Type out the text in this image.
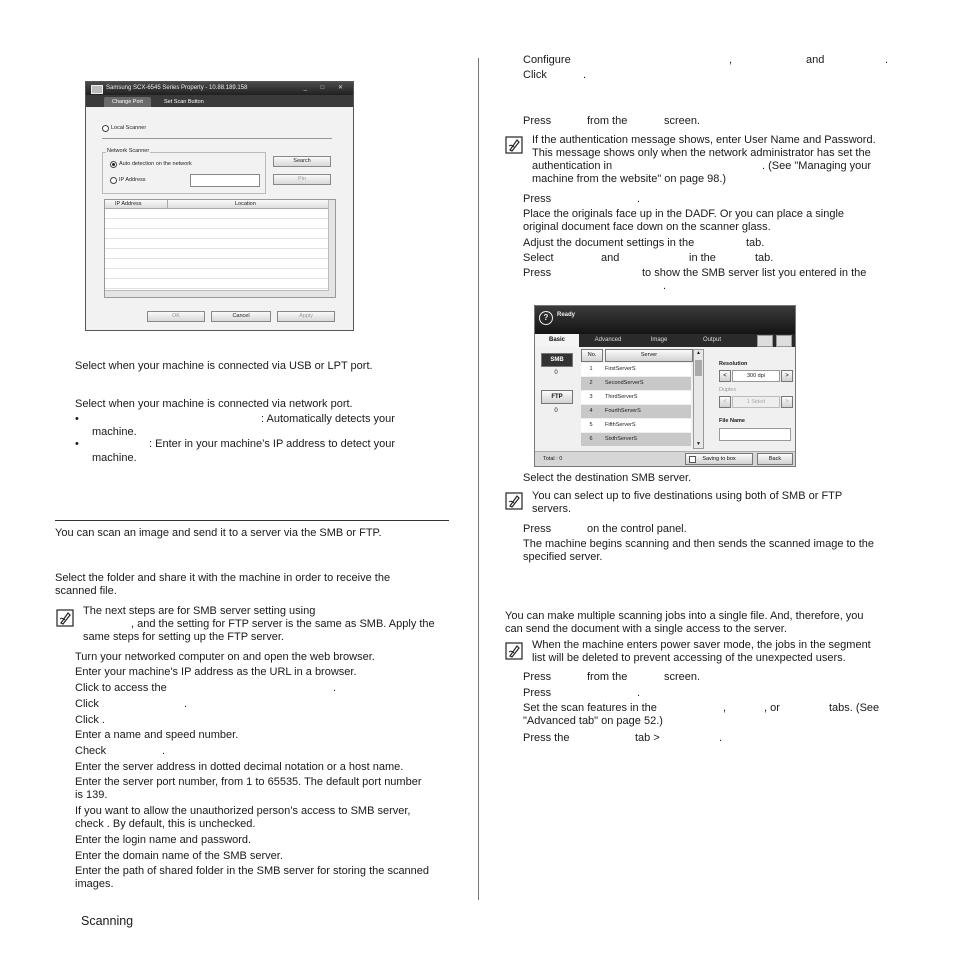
Samsung SCX-6545 Series Property - 10.88.189.158	_ □ ✕
Change Port	Set Scan Button
Local Scanner
Network Scanner
Auto detection on the network
IP Address
Search
Pin
IP Address	Location
OK	Cancel	Apply
Select when your machine is connected via USB or LPT port.
Select when your machine is connected via network port.
•	: Automatically detects your
machine.
•	: Enter in your machine’s IP address to detect your
machine.
You can scan an image and send it to a server via the SMB or FTP.
Select the folder and share it with the machine in order to receive the
scanned file.
The next steps are for SMB server setting using
, and the setting for FTP server is the same as SMB. Apply the
same steps for setting up the FTP server.
Turn your networked computer on and open the web browser.
Enter your machine's IP address as the URL in a browser.
Click to access the	.
Click	.
Click .
Enter a name and speed number.
Check	.
Enter the server address in dotted decimal notation or a host name.
Enter the server port number, from 1 to 65535. The default port number
is 139.
If you want to allow the unauthorized person’s access to SMB server,
check . By default, this is unchecked.
Enter the login name and password.
Enter the domain name of the SMB server.
Enter the path of shared folder in the SMB server for storing the scanned
images.
Scanning
Configure	,	and	.
Click	.
Press	from the	screen.
If the authentication message shows, enter User Name and Password.
This message shows only when the network administrator has set the
authentication in	. (See "Managing your
machine from the website" on page 98.)
Press	.
Place the originals face up in the DADF. Or you can place a single
original document face down on the scanner glass.
Adjust the document settings in the	tab.
Select	and	in the	tab.
Press	to show the SMB server list you entered in the
.
?	Ready
Basic	Advanced	Image	Output
SMB
0
FTP
0
No.	Server
1	FirstServerS
2	SecondServerS
3	ThirdServerS
4	FourthServerS
5	FifthServerS
6	SixthServerS
▲
▼
Resolution
<	300 dpi	>
Duplex
<	1 Sided	>
File Name
Total : 0	Saving to box	Back
Select the destination SMB server.
You can select up to five destinations using both of SMB or FTP
servers.
Press	on the control panel.
The machine begins scanning and then sends the scanned image to the
specified server.
You can make multiple scanning jobs into a single file. And, therefore, you
can send the document with a single access to the server.
When the machine enters power saver mode, the jobs in the segment
list will be deleted to prevent accessing of the unexpected users.
Press	from the	screen.
Press	.
Set the scan features in the	,	, or	tabs. (See
"Advanced tab" on page 52.)
Press the	tab >	.
